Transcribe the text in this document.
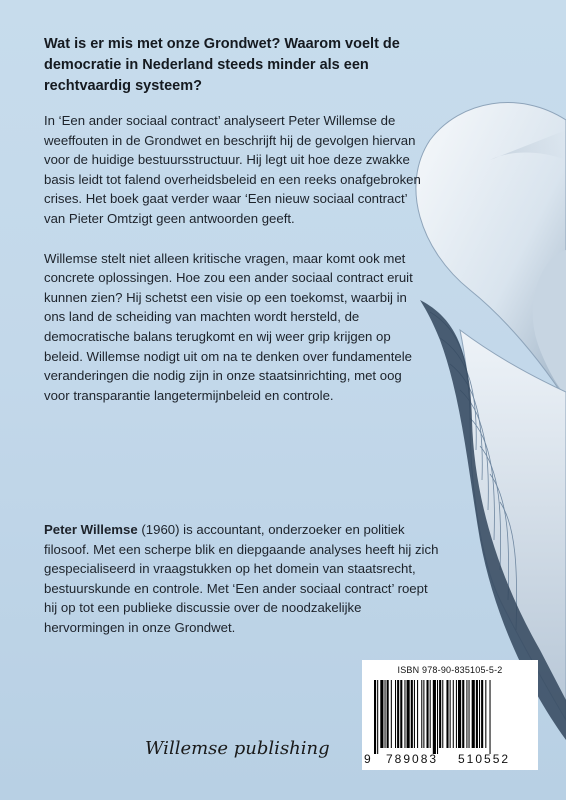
Wat is er mis met onze Grondwet? Waarom voelt de democratie in Nederland steeds minder als een rechtvaardig systeem?

In ‘Een ander sociaal contract’ analyseert Peter Willemse de weeffouten in de Grondwet en beschrijft hij de gevolgen hiervan voor de huidige bestuursstructuur. Hij legt uit hoe deze zwakke basis leidt tot falend overheidsbeleid en een reeks onafgebroken crises. Het boek gaat verder waar ‘Een nieuw sociaal contract’ van Pieter Omtzigt geen antwoorden geeft.

Willemse stelt niet alleen kritische vragen, maar komt ook met concrete oplossingen. Hoe zou een ander sociaal contract eruit kunnen zien? Hij schetst een visie op een toekomst, waarbij in ons land de scheiding van machten wordt hersteld, de democratische balans terugkomt en wij weer grip krijgen op beleid. Willemse nodigt uit om na te denken over fundamentele veranderingen die nodig zijn in onze staatsinrichting, met oog voor transparantie langetermijnbeleid en controle.

Peter Willemse (1960) is accountant, onderzoeker en politiek filosoof. Met een scherpe blik en diepgaande analyses heeft hij zich gespecialiseerd in vraagstukken op het domein van staatsrecht, bestuurskunde en controle. Met ‘Een ander sociaal contract’ roept hij op tot een publieke discussie over de noodzakelijke hervormingen in onze Grondwet.
Willemse publishing
ISBN 978-90-835105-5-2
9 789083 510552
